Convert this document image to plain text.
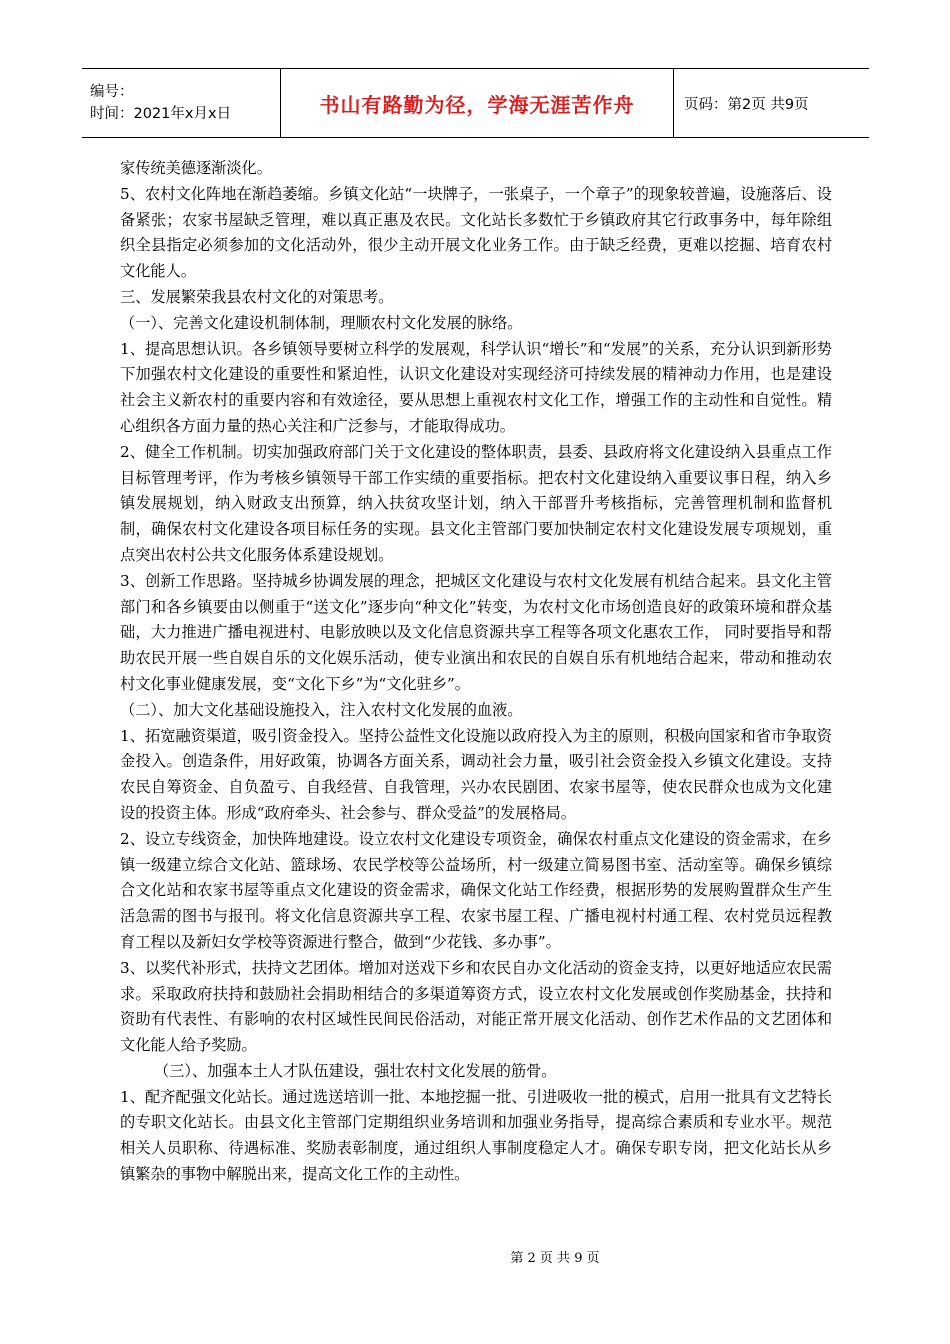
编号：
时间：2021年x月x日	书山有路勤为径，学海无涯苦作舟	页码：第2页 共9页

家传统美德逐渐淡化。

5、农村文化阵地在渐趋萎缩。乡镇文化站“一块牌子，一张桌子，一个章子”的现象较普遍，设施落后、设备紧张；农家书屋缺乏管理，难以真正惠及农民。文化站长多数忙于乡镇政府其它行政事务中，每年除组织全县指定必须参加的文化活动外，很少主动开展文化业务工作。由于缺乏经费，更难以挖掘、培育农村文化能人。

三、发展繁荣我县农村文化的对策思考。

（一）、完善文化建设机制体制，理顺农村文化发展的脉络。

1、提高思想认识。各乡镇领导要树立科学的发展观，科学认识“增长”和“发展”的关系，充分认识到新形势下加强农村文化建设的重要性和紧迫性，认识文化建设对实现经济可持续发展的精神动力作用，也是建设社会主义新农村的重要内容和有效途径，要从思想上重视农村文化工作，增强工作的主动性和自觉性。精心组织各方面力量的热心关注和广泛参与，才能取得成功。

2、健全工作机制。切实加强政府部门关于文化建设的整体职责，县委、县政府将文化建设纳入县重点工作目标管理考评，作为考核乡镇领导干部工作实绩的重要指标。把农村文化建设纳入重要议事日程，纳入乡镇发展规划，纳入财政支出预算，纳入扶贫攻坚计划，纳入干部晋升考核指标，完善管理机制和监督机制，确保农村文化建设各项目标任务的实现。县文化主管部门要加快制定农村文化建设发展专项规划，重点突出农村公共文化服务体系建设规划。

3、创新工作思路。坚持城乡协调发展的理念，把城区文化建设与农村文化发展有机结合起来。县文化主管部门和各乡镇要由以侧重于“送文化”逐步向“种文化”转变，为农村文化市场创造良好的政策环境和群众基础，大力推进广播电视进村、电影放映以及文化信息资源共享工程等各项文化惠农工作， 同时要指导和帮助农民开展一些自娱自乐的文化娱乐活动，使专业演出和农民的自娱自乐有机地结合起来，带动和推动农村文化事业健康发展，变“文化下乡”为“文化驻乡”。

（二）、加大文化基础设施投入，注入农村文化发展的血液。

1、拓宽融资渠道，吸引资金投入。坚持公益性文化设施以政府投入为主的原则，积极向国家和省市争取资金投入。创造条件，用好政策，协调各方面关系，调动社会力量，吸引社会资金投入乡镇文化建设。支持农民自筹资金、自负盈亏、自我经营、自我管理，兴办农民剧团、农家书屋等，使农民群众也成为文化建设的投资主体。形成“政府牵头、社会参与、群众受益”的发展格局。

2、设立专线资金，加快阵地建设。设立农村文化建设专项资金，确保农村重点文化建设的资金需求，在乡镇一级建立综合文化站、篮球场、农民学校等公益场所，村一级建立简易图书室、活动室等。确保乡镇综合文化站和农家书屋等重点文化建设的资金需求，确保文化站工作经费，根据形势的发展购置群众生产生活急需的图书与报刊。将文化信息资源共享工程、农家书屋工程、广播电视村村通工程、农村党员远程教育工程以及新妇女学校等资源进行整合，做到“少花钱、多办事”。

3、以奖代补形式，扶持文艺团体。增加对送戏下乡和农民自办文化活动的资金支持，以更好地适应农民需求。采取政府扶持和鼓励社会捐助相结合的多渠道筹资方式，设立农村文化发展或创作奖励基金，扶持和资助有代表性、有影响的农村区域性民间民俗活动，对能正常开展文化活动、创作艺术作品的文艺团体和文化能人给予奖励。

（三）、加强本土人才队伍建设，强壮农村文化发展的筋骨。

1、配齐配强文化站长。通过选送培训一批、本地挖掘一批、引进吸收一批的模式，启用一批具有文艺特长的专职文化站长。由县文化主管部门定期组织业务培训和加强业务指导，提高综合素质和专业水平。规范相关人员职称、待遇标准、奖励表彰制度，通过组织人事制度稳定人才。确保专职专岗，把文化站长从乡镇繁杂的事物中解脱出来，提高文化工作的主动性。

第 2 页 共 9 页
